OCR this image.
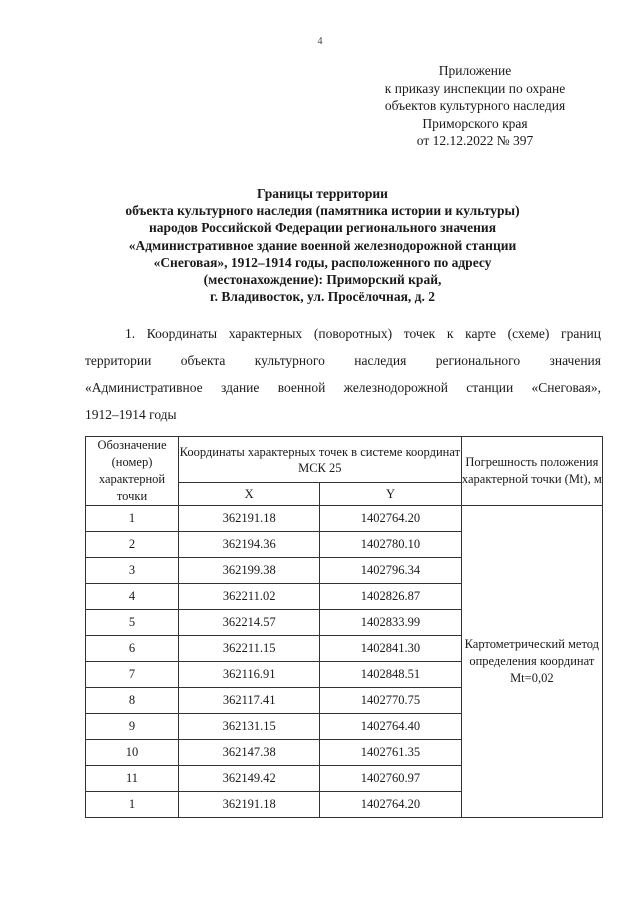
4
Приложение
к приказу инспекции по охране
объектов культурного наследия
Приморского края
от 12.12.2022 № 397
Границы территории
объекта культурного наследия (памятника истории и культуры)
народов Российской Федерации регионального значения
«Административное здание военной железнодорожной станции
«Снеговая», 1912–1914 годы, расположенного по адресу
(местонахождение): Приморский край,
г. Владивосток, ул. Просёлочная, д. 2
1. Координаты характерных (поворотных) точек к карте (схеме) границ
территории объекта культурного наследия регионального значения
«Административное здание военной железнодорожной станции «Снеговая»,
1912–1914 годы
Обозначение (номер) характерной точки	Координаты характерных точек в системе координат МСК 25		Погрешность положения характерной точки (Mt), м
	X	Y	
1	362191.18	1402764.20	Картометрический метод определения координат Mt=0,02
2	362194.36	1402780.10	
3	362199.38	1402796.34	
4	362211.02	1402826.87	
5	362214.57	1402833.99	
6	362211.15	1402841.30	
7	362116.91	1402848.51	
8	362117.41	1402770.75	
9	362131.15	1402764.40	
10	362147.38	1402761.35	
11	362149.42	1402760.97	
1	362191.18	1402764.20	
